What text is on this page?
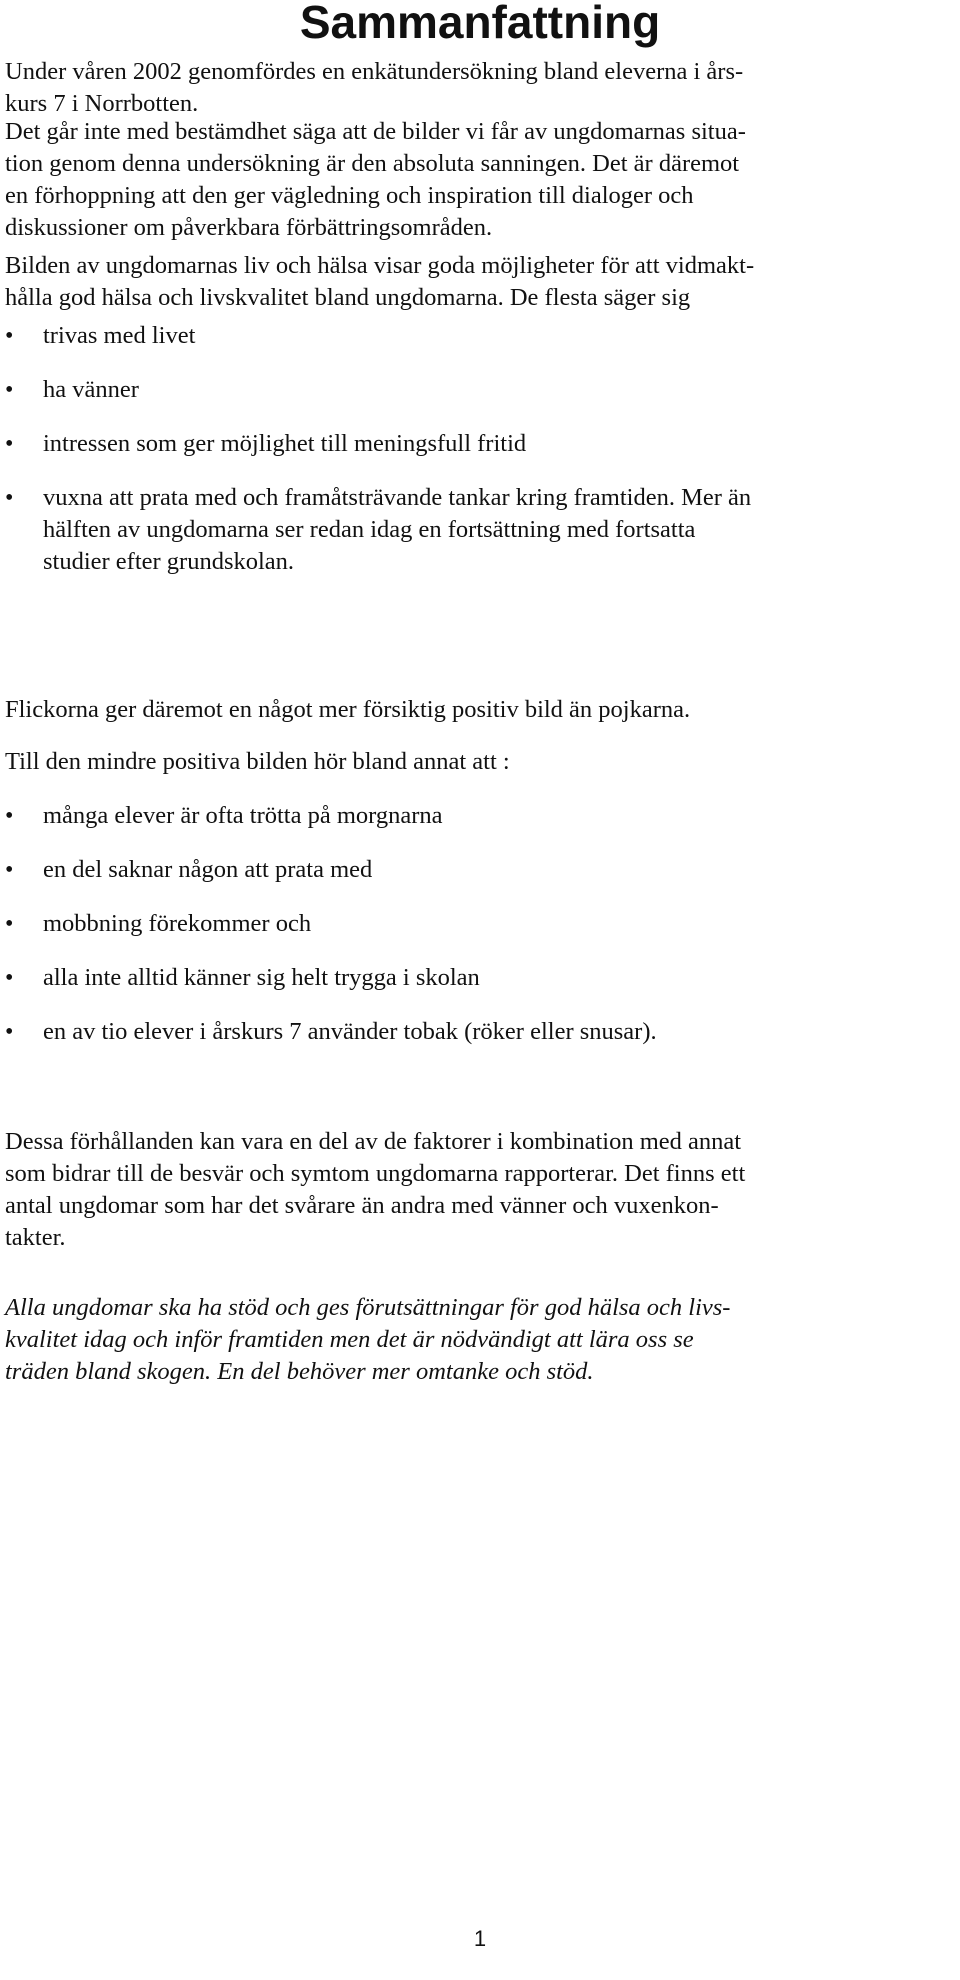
Sammanfattning

Under våren 2002 genomfördes en enkätundersökning bland eleverna i års-
kurs 7 i Norrbotten.

Det går inte med bestämdhet säga att de bilder vi får av ungdomarnas situa-
tion genom denna undersökning är den absoluta sanningen. Det är däremot
en förhoppning att den ger vägledning och inspiration till dialoger och
diskussioner om påverkbara förbättringsområden.

Bilden av ungdomarnas liv och hälsa visar goda möjligheter för att vidmakt-
hålla god hälsa och livskvalitet bland ungdomarna. De flesta säger sig

• trivas med livet
• ha vänner
• intressen som ger möjlighet till meningsfull fritid
• vuxna att prata med och framåtsträvande tankar kring framtiden. Mer än
hälften av ungdomarna ser redan idag en fortsättning med fortsatta
studier efter grundskolan.

Flickorna ger däremot en något mer försiktig positiv bild än pojkarna.

Till den mindre positiva bilden hör bland annat att :

• många elever är ofta trötta på morgnarna
• en del saknar någon att prata med
• mobbning förekommer och
• alla inte alltid känner sig helt trygga i skolan
• en av tio elever i årskurs 7 använder tobak (röker eller snusar).

Dessa förhållanden kan vara en del av de faktorer i kombination med annat
som bidrar till de besvär och symtom ungdomarna rapporterar. Det finns ett
antal ungdomar som har det svårare än andra med vänner och vuxenkon-
takter.

Alla ungdomar ska ha stöd och ges förutsättningar för god hälsa och livs-
kvalitet idag och inför framtiden men det är nödvändigt att lära oss se
träden bland skogen. En del behöver mer omtanke och stöd.

1
